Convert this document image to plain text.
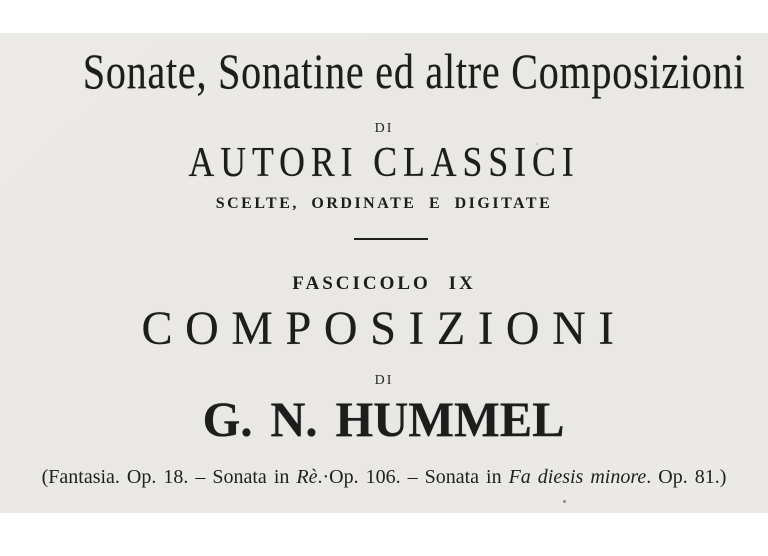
Sonate, Sonatine ed altre Composizioni
DI
AUTORI CLASSICI
SCELTE, ORDINATE E DIGITATE
FASCICOLO IX
COMPOSIZIONI
DI
G. N. HUMMEL
(Fantasia. Op. 18. – Sonata in Rè.·Op. 106. – Sonata in Fa diesis minore. Op. 81.)
